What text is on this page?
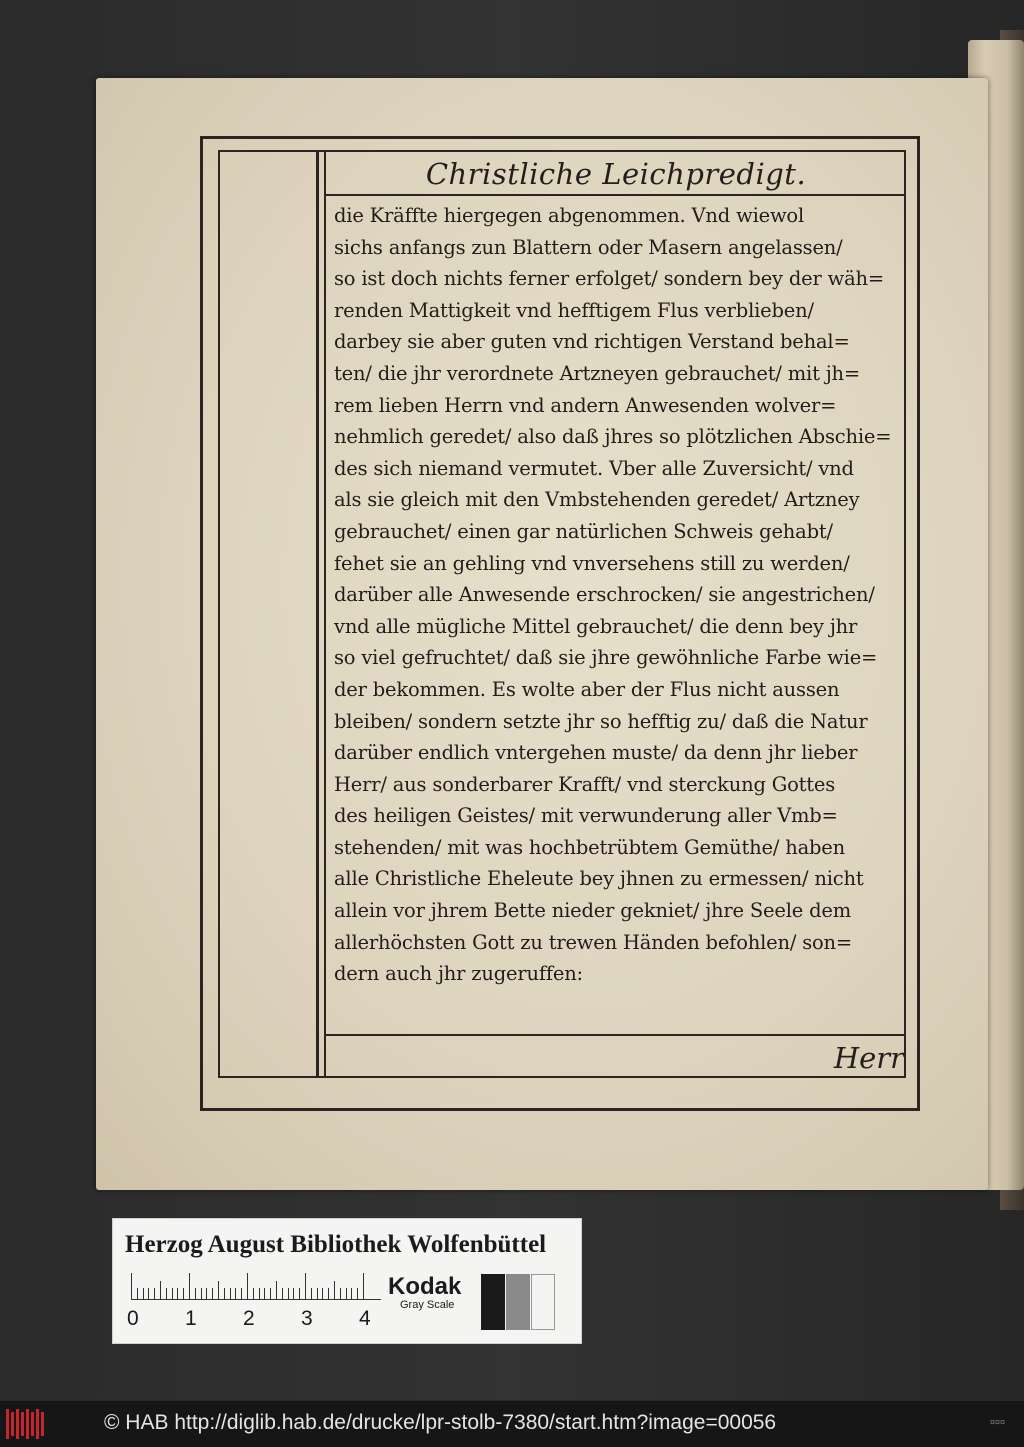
Christliche Leichpredigt.
die Kräffte hiergegen abgenommen. Vnd wiewol
sichs anfangs zun Blattern oder Masern angelassen/
so ist doch nichts ferner erfolget/ sondern bey der wäh=
renden Mattigkeit vnd hefftigem Flus verblieben/
darbey sie aber guten vnd richtigen Verstand behal=
ten/ die jhr verordnete Artzneyen gebrauchet/ mit jh=
rem lieben Herrn vnd andern Anwesenden wolver=
nehmlich geredet/ also daß jhres so plötzlichen Abschie=
des sich niemand vermutet. Vber alle Zuversicht/ vnd
als sie gleich mit den Vmbstehenden geredet/ Artzney
gebrauchet/ einen gar natürlichen Schweis gehabt/
fehet sie an gehling vnd vnversehens still zu werden/
darüber alle Anwesende erschrocken/ sie angestrichen/
vnd alle mügliche Mittel gebrauchet/ die denn bey jhr
so viel gefruchtet/ daß sie jhre gewöhnliche Farbe wie=
der bekommen. Es wolte aber der Flus nicht aussen
bleiben/ sondern setzte jhr so hefftig zu/ daß die Natur
darüber endlich vntergehen muste/ da denn jhr lieber
Herr/ aus sonderbarer Krafft/ vnd sterckung Gottes
des heiligen Geistes/ mit verwunderung aller Vmb=
stehenden/ mit was hochbetrübtem Gemüthe/ haben
alle Christliche Eheleute bey jhnen zu ermessen/ nicht
allein vor jhrem Bette nieder gekniet/ jhre Seele dem
allerhöchsten Gott zu trewen Händen befohlen/ son=
dern auch jhr zugeruffen:
Herr
Herzog August Bibliothek Wolfenbüttel
0 1 2 3 4
Kodak
Gray Scale
© HAB http://diglib.hab.de/drucke/lpr-stolb-7380/start.htm?image=00056	¤¤¤
